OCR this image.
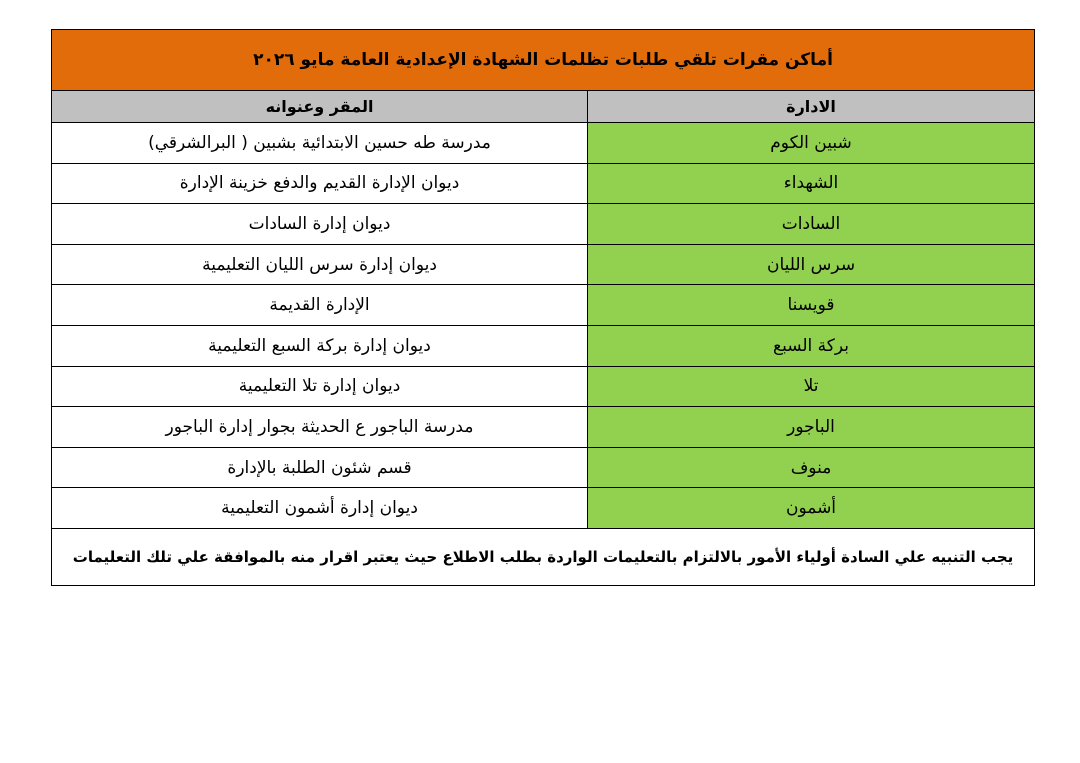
أماكن مقرات تلقي طلبات تظلمات الشهادة الإعدادية العامة مايو ٢٠٢٦
الادارة
المقر وعنوانه
شبين الكوم
مدرسة طه حسين الابتدائية بشبين ( البرالشرقي)
الشهداء
ديوان الإدارة القديم والدفع خزينة الإدارة
السادات
ديوان إدارة السادات
سرس الليان
ديوان إدارة سرس الليان التعليمية
قويسنا
الإدارة القديمة
بركة السبع
ديوان إدارة بركة السبع التعليمية
تلا
ديوان إدارة تلا التعليمية
الباجور
مدرسة الباجور ع الحديثة بجوار إدارة الباجور
منوف
قسم شئون الطلبة بالإدارة
أشمون
ديوان إدارة أشمون التعليمية
يجب التنبيه علي السادة أولياء الأمور بالالتزام بالتعليمات الواردة بطلب الاطلاع حيث يعتبر اقرار منه بالموافقة علي تلك التعليمات
